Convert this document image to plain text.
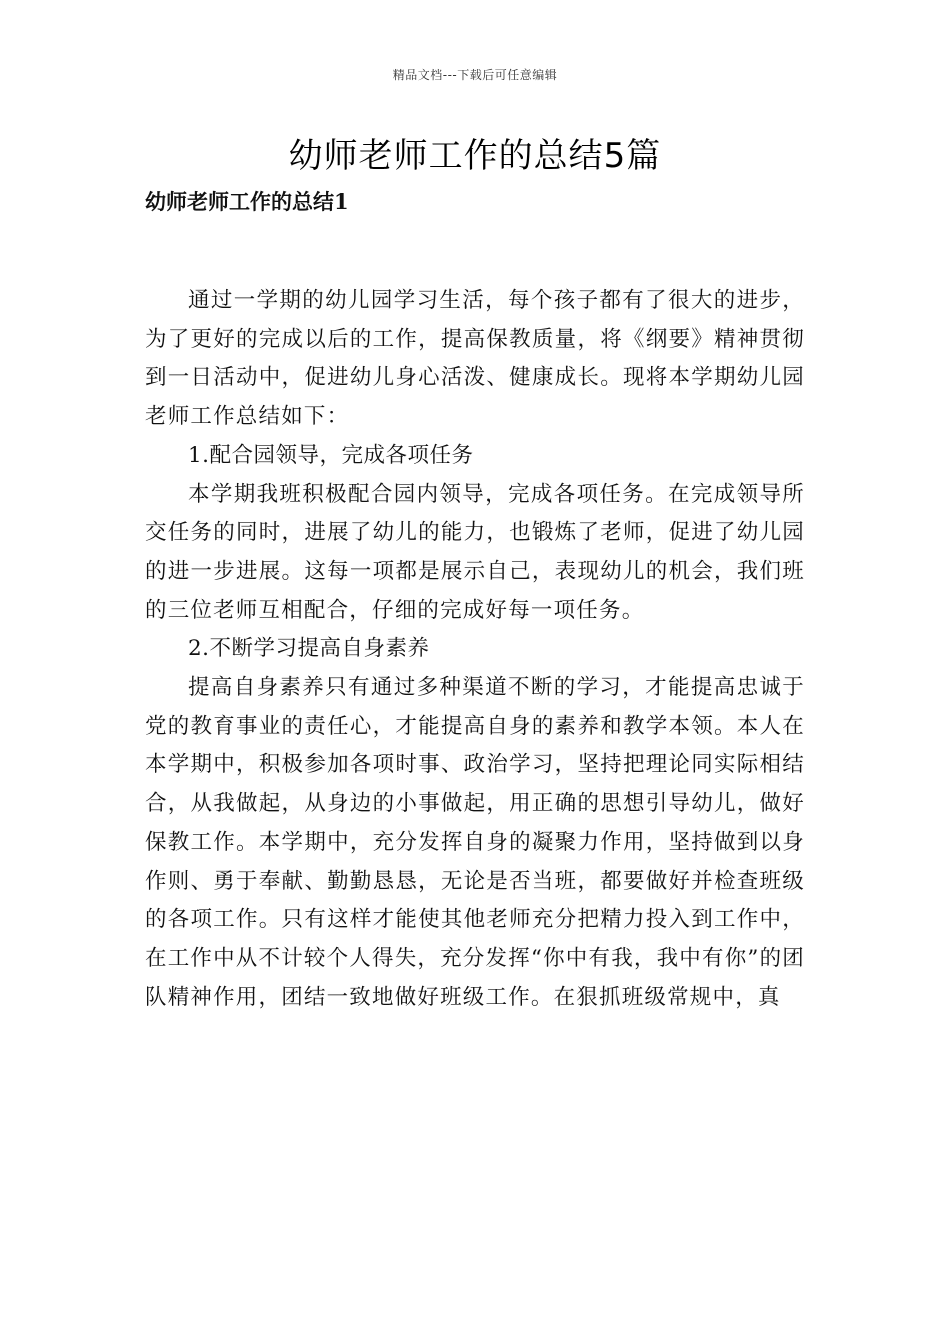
精品文档---下载后可任意编辑
幼师老师工作的总结5篇
幼师老师工作的总结1

通过一学期的幼儿园学习生活，每个孩子都有了很大的进步，为了更好的完成以后的工作，提高保教质量，将《纲要》精神贯彻到一日活动中，促进幼儿身心活泼、健康成长。现将本学期幼儿园老师工作总结如下：

1.配合园领导，完成各项任务

本学期我班积极配合园内领导，完成各项任务。在完成领导所交任务的同时，进展了幼儿的能力，也锻炼了老师，促进了幼儿园的进一步进展。这每一项都是展示自己，表现幼儿的机会，我们班的三位老师互相配合，仔细的完成好每一项任务。

2.不断学习提高自身素养

提高自身素养只有通过多种渠道不断的学习，才能提高忠诚于党的教育事业的责任心，才能提高自身的素养和教学本领。本人在本学期中，积极参加各项时事、政治学习，坚持把理论同实际相结合，从我做起，从身边的小事做起，用正确的思想引导幼儿，做好保教工作。本学期中，充分发挥自身的凝聚力作用，坚持做到以身作则、勇于奉献、勤勤恳恳，无论是否当班，都要做好并检查班级的各项工作。只有这样才能使其他老师充分把精力投入到工作中，在工作中从不计较个人得失，充分发挥“你中有我，我中有你”的团队精神作用，团结一致地做好班级工作。在狠抓班级常规中，真
